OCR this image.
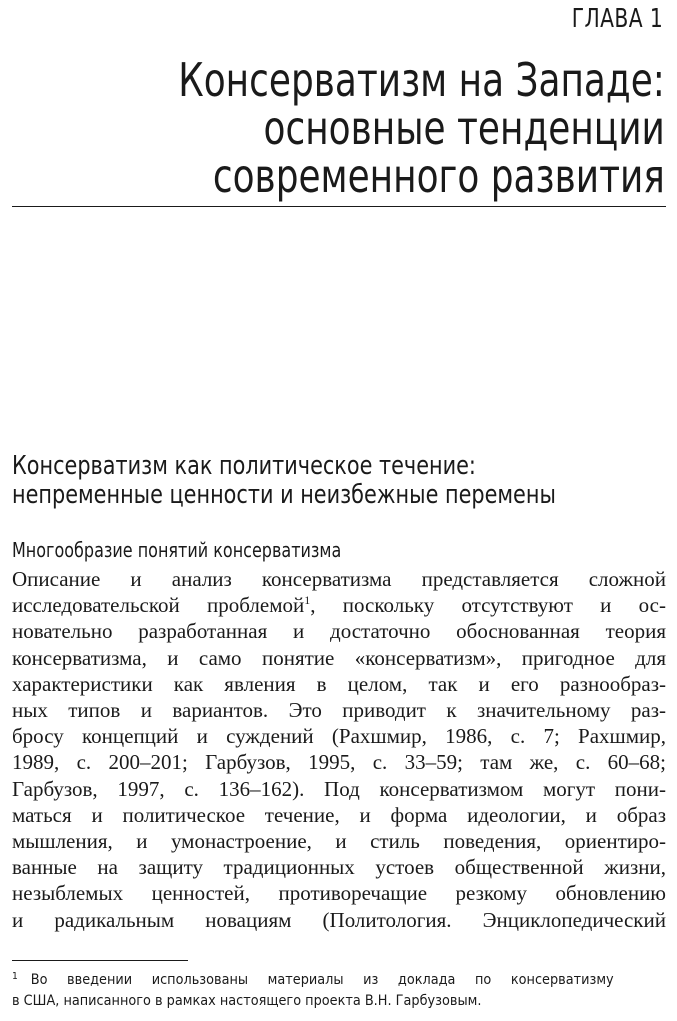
ГЛАВА 1
Консерватизм на Западе:
основные тенденции
современного развития
Консерватизм как политическое течение:
непременные ценности и неизбежные перемены
Многообразие понятий консерватизма
Описание и анализ консерватизма представляется сложной
исследовательской проблемой$^1$, поскольку отсутствуют и ос-
новательно разработанная и достаточно обоснованная теория
консерватизма, и само понятие «консерватизм», пригодное для
характеристики как явления в целом, так и его разнообраз-
ных типов и вариантов. Это приводит к значительному раз-
бросу концепций и суждений (Рахшмир, 1986, с. 7; Рахшмир,
1989, с. 200–201; Гарбузов, 1995, с. 33–59; там же, с. 60–68;
Гарбузов, 1997, с. 136–162). Под консерватизмом могут пони-
маться и политическое течение, и форма идеологии, и образ
мышления, и умонастроение, и стиль поведения, ориентиро-
ванные на защиту традиционных устоев общественной жизни,
незыблемых ценностей, противоречащие резкому обновлению
и радикальным новациям (Политология. Энциклопедический
$^1$ Во введении использованы материалы из доклада по консерватизму
в США, написанного в рамках настоящего проекта В.Н. Гарбузовым.
